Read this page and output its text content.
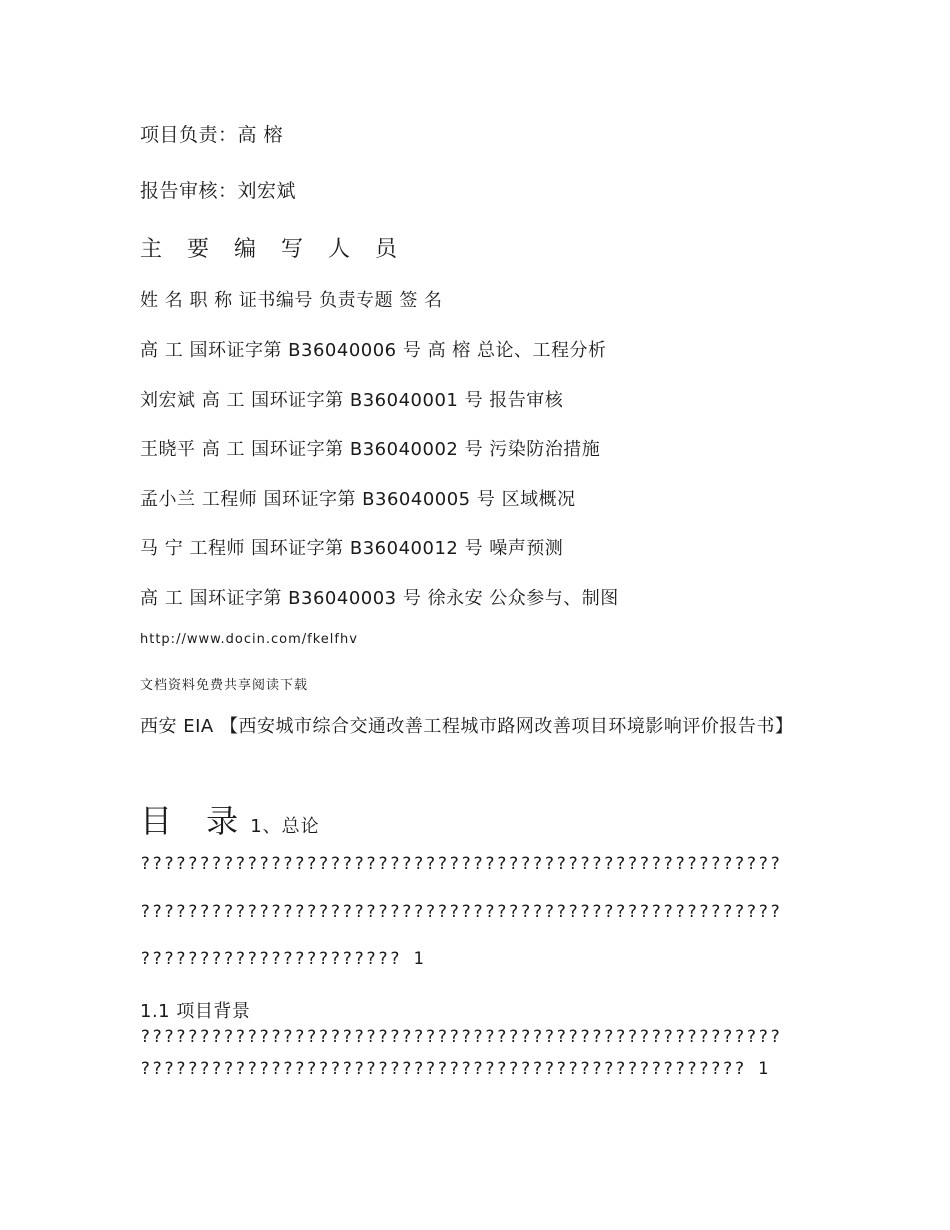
项目负责：高 榕
报告审核：刘宏斌
主 要 编 写 人 员
姓 名 职 称 证书编号 负责专题 签 名
高 工 国环证字第 B36040006 号 高 榕 总论、工程分析
刘宏斌 高 工 国环证字第 B36040001 号 报告审核
王晓平 高 工 国环证字第 B36040002 号 污染防治措施
孟小兰 工程师 国环证字第 B36040005 号 区域概况
马 宁 工程师 国环证字第 B36040012 号 噪声预测
高 工 国环证字第 B36040003 号 徐永安 公众参与、制图
http://www.docin.com/fkelfhv
文档资料免费共享阅读下载
西安 EIA 【西安城市综合交通改善工程城市路网改善项目环境影响评价报告书】
目 录1、总论
??????????????????????????????????????????????????????
??????????????????????????????????????????????????????
?????????????????????? 1
1.1 项目背景
??????????????????????????????????????????????????????
??????????????????????????????????????????????????? 1
